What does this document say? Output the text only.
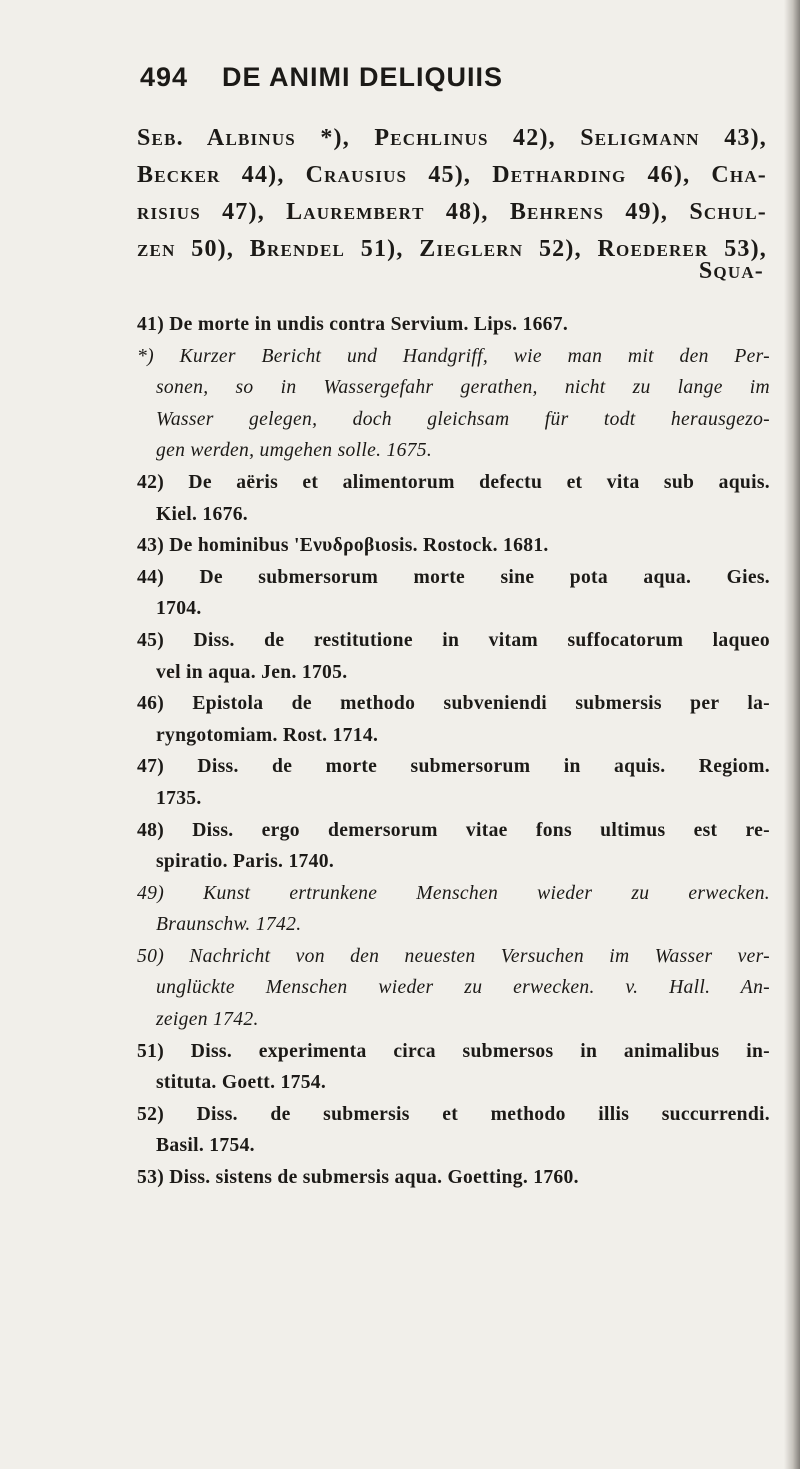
494 DE ANIMI DELIQUIIS
Seb. Albinus *), Pechlinus 42), Seligmann 43),
Becker 44), Crausius 45), Dетнarding 46), Cha-
risius 47), Lauremberт 48), Behrens 49), Schul-
zen 50), Brendel 51), Zieglern 52), Roederer 53),
Squa-
41) De morte in undis contra Servium. Lips. 1667.
*) Kurzer Bericht und Handgriff, wie man mit den Per-
sonen, so in Wassergefahr gerathen, nicht zu lange im
Wasser gelegen, doch gleichsam für todt herausgezo-
gen werden, umgehen solle. 1675.
42) De aëris et alimentorum defectu et vita sub aquis.
Kiel. 1676.
43) De hominibus 'Ενυδροβιοsis. Rostock. 1681.
44) De submersorum morte sine pota aqua. Gies.
1704.
45) Diss. de restitutione in vitam suffocatorum laqueo
vel in aqua. Jen. 1705.
46) Epistola de methodo subveniendi submersis per la-
ryngotomiam. Rost. 1714.
47) Diss. de morte submersorum in aquis. Regiom.
1735.
48) Diss. ergo demersorum vitae fons ultimus est re-
spiratio. Paris. 1740.
49) Kunst ertrunkene Menschen wieder zu erwecken.
Braunschw. 1742.
50) Nachricht von den neuesten Versuchen im Wasser ver-
unglückte Menschen wieder zu erwecken. v. Hall. An-
zeigen 1742.
51) Diss. experimenta circa submersos in animalibus in-
stituta. Goett. 1754.
52) Diss. de submersis et methodo illis succurrendi.
Basil. 1754.
53) Diss. sistens de submersis aqua. Goetting. 1760.
